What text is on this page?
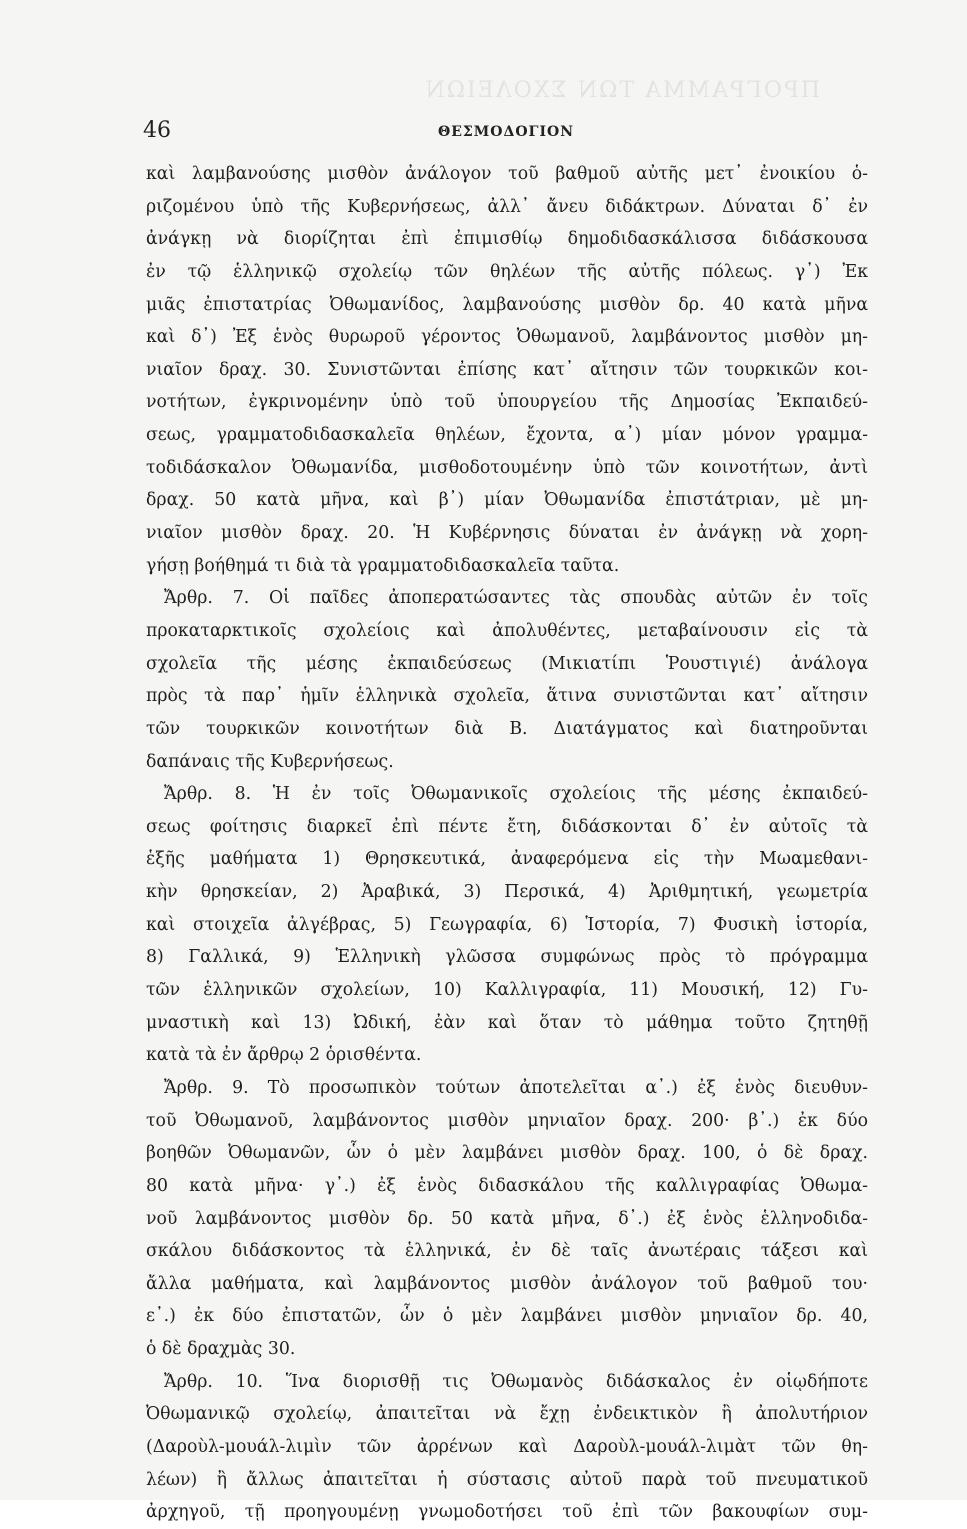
ΠΡΟΓΡΑΜΜΑ ΤΩΝ ΣΧΟΛΕΙΩΝ
46	ΘΕΣΜΟΔΟΓΙΟΝ
καὶ λαμβανούσης μισθὸν ἀνάλογον τοῦ βαθμοῦ αὐτῆς μετ᾽ ἐνοικίου ὁ-
ριζομένου ὑπὸ τῆς Κυβερνήσεως, ἀλλ᾽ ἄνευ διδάκτρων. Δύναται δ᾽ ἐν
ἀνάγκῃ νὰ διορίζηται ἐπὶ ἐπιμισθίῳ δημοδιδασκάλισσα διδάσκουσα
ἐν τῷ ἑλληνικῷ σχολείῳ τῶν θηλέων τῆς αὐτῆς πόλεως. γ᾽) Ἐκ
μιᾶς ἐπιστατρίας Ὀθωμανίδος, λαμβανούσης μισθὸν δρ. 40 κατὰ μῆνα
καὶ δ᾽) Ἐξ ἑνὸς θυρωροῦ γέροντος Ὀθωμανοῦ, λαμβάνοντος μισθὸν μη-
νιαῖον δραχ. 30. Συνιστῶνται ἐπίσης κατ᾽ αἴτησιν τῶν τουρκικῶν κοι-
νοτήτων, ἐγκρινομένην ὑπὸ τοῦ ὑπουργείου τῆς Δημοσίας Ἐκπαιδεύ-
σεως, γραμματοδιδασκαλεῖα θηλέων, ἔχοντα, α᾽) μίαν μόνον γραμμα-
τοδιδάσκαλον Ὀθωμανίδα, μισθοδοτουμένην ὑπὸ τῶν κοινοτήτων, ἀντὶ
δραχ. 50 κατὰ μῆνα, καὶ β᾽) μίαν Ὀθωμανίδα ἐπιστάτριαν, μὲ μη-
νιαῖον μισθὸν δραχ. 20. Ἡ Κυβέρνησις δύναται ἐν ἀνάγκῃ νὰ χορη-
γήσῃ βοήθημά τι διὰ τὰ γραμματοδιδασκαλεῖα ταῦτα.
Ἄρθρ. 7. Οἱ παῖδες ἀποπερατώσαντες τὰς σπουδὰς αὐτῶν ἐν τοῖς
προκαταρκτικοῖς σχολείοις καὶ ἀπολυθέντες, μεταβαίνουσιν εἰς τὰ
σχολεῖα τῆς μέσης ἐκπαιδεύσεως (Μικιατίπι Ῥουστιγιέ) ἀνάλογα
πρὸς τὰ παρ᾽ ἡμῖν ἑλληνικὰ σχολεῖα, ἅτινα συνιστῶνται κατ᾽ αἴτησιν
τῶν τουρκικῶν κοινοτήτων διὰ Β. Διατάγματος καὶ διατηροῦνται
δαπάναις τῆς Κυβερνήσεως.
Ἄρθρ. 8. Ἡ ἐν τοῖς Ὀθωμανικοῖς σχολείοις τῆς μέσης ἐκπαιδεύ-
σεως φοίτησις διαρκεῖ ἐπὶ πέντε ἔτη, διδάσκονται δ᾽ ἐν αὐτοῖς τὰ
ἑξῆς μαθήματα 1) Θρησκευτικά, ἀναφερόμενα εἰς τὴν Μωαμεθανι-
κὴν θρησκείαν, 2) Ἀραβικά, 3) Περσικά, 4) Ἀριθμητική, γεωμετρία
καὶ στοιχεῖα ἀλγέβρας, 5) Γεωγραφία, 6) Ἱστορία, 7) Φυσικὴ ἱστορία,
8) Γαλλικά, 9) Ἑλληνικὴ γλῶσσα συμφώνως πρὸς τὸ πρόγραμμα
τῶν ἑλληνικῶν σχολείων, 10) Καλλιγραφία, 11) Μουσική, 12) Γυ-
μναστικὴ καὶ 13) Ὠδική, ἐὰν καὶ ὅταν τὸ μάθημα τοῦτο ζητηθῇ
κατὰ τὰ ἐν ἄρθρῳ 2 ὁρισθέντα.
Ἄρθρ. 9. Τὸ προσωπικὸν τούτων ἀποτελεῖται α᾽.) ἐξ ἑνὸς διευθυν-
τοῦ Ὀθωμανοῦ, λαμβάνοντος μισθὸν μηνιαῖον δραχ. 200· β᾽.) ἐκ δύο
βοηθῶν Ὀθωμανῶν, ὧν ὁ μὲν λαμβάνει μισθὸν δραχ. 100, ὁ δὲ δραχ.
80 κατὰ μῆνα· γ᾽.) ἐξ ἑνὸς διδασκάλου τῆς καλλιγραφίας Ὀθωμα-
νοῦ λαμβάνοντος μισθὸν δρ. 50 κατὰ μῆνα, δ᾽.) ἐξ ἑνὸς ἑλληνοδιδα-
σκάλου διδάσκοντος τὰ ἑλληνικά, ἐν δὲ ταῖς ἀνωτέραις τάξεσι καὶ
ἄλλα μαθήματα, καὶ λαμβάνοντος μισθὸν ἀνάλογον τοῦ βαθμοῦ του·
ε᾽.) ἐκ δύο ἐπιστατῶν, ὧν ὁ μὲν λαμβάνει μισθὸν μηνιαῖον δρ. 40,
ὁ δὲ δραχμὰς 30.
Ἄρθρ. 10. Ἵνα διορισθῇ τις Ὀθωμανὸς διδάσκαλος ἐν οἱῳδήποτε
Ὀθωμανικῷ σχολείῳ, ἀπαιτεῖται νὰ ἔχῃ ἐνδεικτικὸν ἢ ἀπολυτήριον
(Δαροὺλ-μουάλ-λιμὶν τῶν ἀρρένων καὶ Δαροὺλ-μουάλ-λιμὰτ τῶν θη-
λέων) ἢ ἄλλως ἀπαιτεῖται ἡ σύστασις αὐτοῦ παρὰ τοῦ πνευματικοῦ
ἀρχηγοῦ, τῇ προηγουμένῃ γνωμοδοτήσει τοῦ ἐπὶ τῶν βακουφίων συμ-
